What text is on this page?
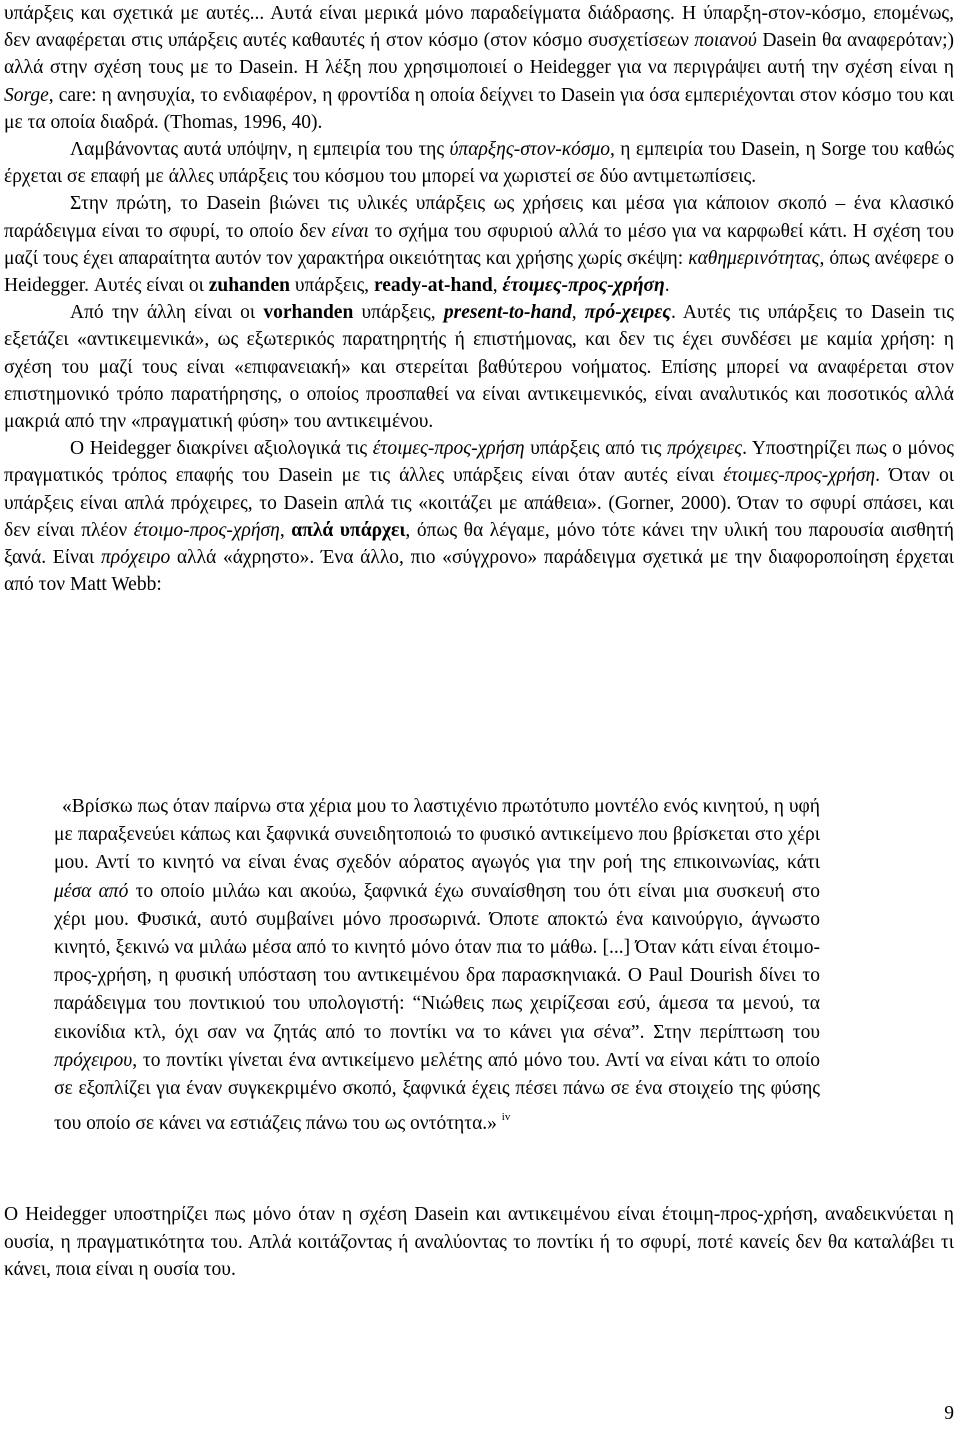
υπάρξεις και σχετικά με αυτές... Αυτά είναι μερικά μόνο παραδείγματα διάδρασης. Η ύπαρξη-στον-κόσμο, επομένως, δεν αναφέρεται στις υπάρξεις αυτές καθαυτές ή στον κόσμο (στον κόσμο συσχετίσεων ποιανού Dasein θα αναφερόταν;) αλλά στην σχέση τους με το Dasein. Η λέξη που χρησιμοποιεί ο Heidegger για να περιγράψει αυτή την σχέση είναι η Sorge, care: η ανησυχία, το ενδιαφέρον, η φροντίδα η οποία δείχνει το Dasein για όσα εμπεριέχονται στον κόσμο του και με τα οποία διαδρά. (Thomas, 1996, 40).

Λαμβάνοντας αυτά υπόψην, η εμπειρία του της ύπαρξης-στον-κόσμο, η εμπειρία του Dasein, η Sorge του καθώς έρχεται σε επαφή με άλλες υπάρξεις του κόσμου του μπορεί να χωριστεί σε δύο αντιμετωπίσεις.

Στην πρώτη, το Dasein βιώνει τις υλικές υπάρξεις ως χρήσεις και μέσα για κάποιον σκοπό – ένα κλασικό παράδειγμα είναι το σφυρί, το οποίο δεν είναι το σχήμα του σφυριού αλλά το μέσο για να καρφωθεί κάτι. Η σχέση του μαζί τους έχει απαραίτητα αυτόν τον χαρακτήρα οικειότητας και χρήσης χωρίς σκέψη: καθημερινότητας, όπως ανέφερε ο Heidegger. Αυτές είναι οι zuhanden υπάρξεις, ready-at-hand, έτοιμες-προς-χρήση.

Από την άλλη είναι οι vorhanden υπάρξεις, present-to-hand, πρό-χειρες. Αυτές τις υπάρξεις το Dasein τις εξετάζει «αντικειμενικά», ως εξωτερικός παρατηρητής ή επιστήμονας, και δεν τις έχει συνδέσει με καμία χρήση: η σχέση του μαζί τους είναι «επιφανειακή» και στερείται βαθύτερου νοήματος. Επίσης μπορεί να αναφέρεται στον επιστημονικό τρόπο παρατήρησης, ο οποίος προσπαθεί να είναι αντικειμενικός, είναι αναλυτικός και ποσοτικός αλλά μακριά από την «πραγματική φύση» του αντικειμένου.

Ο Heidegger διακρίνει αξιολογικά τις έτοιμες-προς-χρήση υπάρξεις από τις πρόχειρες. Υποστηρίζει πως ο μόνος πραγματικός τρόπος επαφής του Dasein με τις άλλες υπάρξεις είναι όταν αυτές είναι έτοιμες-προς-χρήση. Όταν οι υπάρξεις είναι απλά πρόχειρες, το Dasein απλά τις «κοιτάζει με απάθεια». (Gorner, 2000). Όταν το σφυρί σπάσει, και δεν είναι πλέον έτοιμο-προς-χρήση, απλά υπάρχει, όπως θα λέγαμε, μόνο τότε κάνει την υλική του παρουσία αισθητή ξανά. Είναι πρόχειρο αλλά «άχρηστο». Ένα άλλο, πιο «σύγχρονο» παράδειγμα σχετικά με την διαφοροποίηση έρχεται από τον Matt Webb:

«Βρίσκω πως όταν παίρνω στα χέρια μου το λαστιχένιο πρωτότυπο μοντέλο ενός κινητού, η υφή με παραξενεύει κάπως και ξαφνικά συνειδητοποιώ το φυσικό αντικείμενο που βρίσκεται στο χέρι μου. Αντί το κινητό να είναι ένας σχεδόν αόρατος αγωγός για την ροή της επικοινωνίας, κάτι μέσα από το οποίο μιλάω και ακούω, ξαφνικά έχω συναίσθηση του ότι είναι μια συσκευή στο χέρι μου. Φυσικά, αυτό συμβαίνει μόνο προσωρινά. Όποτε αποκτώ ένα καινούργιο, άγνωστο κινητό, ξεκινώ να μιλάω μέσα από το κινητό μόνο όταν πια το μάθω. [...] Όταν κάτι είναι έτοιμο-προς-χρήση, η φυσική υπόσταση του αντικειμένου δρα παρασκηνιακά. Ο Paul Dourish δίνει το παράδειγμα του ποντικιού του υπολογιστή: “Νιώθεις πως χειρίζεσαι εσύ, άμεσα τα μενού, τα εικονίδια κτλ, όχι σαν να ζητάς από το ποντίκι να το κάνει για σένα”. Στην περίπτωση του πρόχειρου, το ποντίκι γίνεται ένα αντικείμενο μελέτης από μόνο του. Αντί να είναι κάτι το οποίο σε εξοπλίζει για έναν συγκεκριμένο σκοπό, ξαφνικά έχεις πέσει πάνω σε ένα στοιχείο της φύσης του οποίο σε κάνει να εστιάζεις πάνω του ως οντότητα.» $^{iv}$

Ο Heidegger υποστηρίζει πως μόνο όταν η σχέση Dasein και αντικειμένου είναι έτοιμη-προς-χρήση, αναδεικνύεται η ουσία, η πραγματικότητα του. Απλά κοιτάζοντας ή αναλύοντας το ποντίκι ή το σφυρί, ποτέ κανείς δεν θα καταλάβει τι κάνει, ποια είναι η ουσία του.

9
